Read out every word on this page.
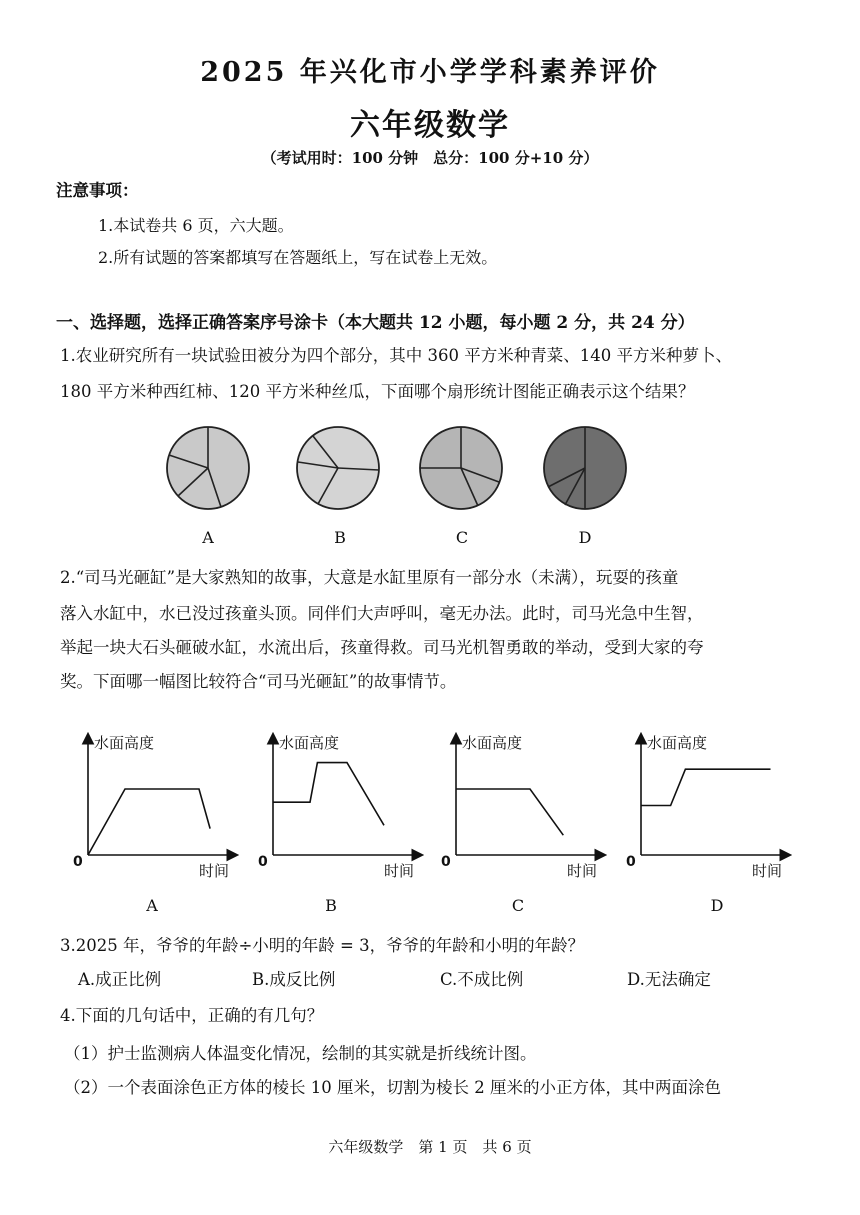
2025 年兴化市小学学科素养评价
六年级数学
（考试用时：100 分钟　总分：100 分+10 分）
注意事项：
1.本试卷共 6 页，六大题。
2.所有试题的答案都填写在答题纸上，写在试卷上无效。
一、选择题，选择正确答案序号涂卡（本大题共 12 小题，每小题 2 分，共 24 分）
1.农业研究所有一块试验田被分为四个部分，其中 360 平方米种青菜、140 平方米种萝卜、
180 平方米种西红柿、120 平方米种丝瓜，下面哪个扇形统计图能正确表示这个结果？
A	B	C	D
2.“司马光砸缸”是大家熟知的故事，大意是水缸里原有一部分水（未满），玩耍的孩童
落入水缸中，水已没过孩童头顶。同伴们大声呼叫，毫无办法。此时，司马光急中生智，
举起一块大石头砸破水缸，水流出后，孩童得救。司马光机智勇敢的举动，受到大家的夸
奖。下面哪一幅图比较符合“司马光砸缸”的故事情节。
水面高度
时间
0
水面高度
时间
0
水面高度
时间
0
水面高度
时间
0
A	B	C	D
3.2025 年，爷爷的年龄÷小明的年龄 = 3，爷爷的年龄和小明的年龄？
A.成正比例	B.成反比例	C.不成比例	D.无法确定
4.下面的几句话中，正确的有几句？
（1）护士监测病人体温变化情况，绘制的其实就是折线统计图。
（2）一个表面涂色正方体的棱长 10 厘米，切割为棱长 2 厘米的小正方体，其中两面涂色
六年级数学　第 1 页　共 6 页
